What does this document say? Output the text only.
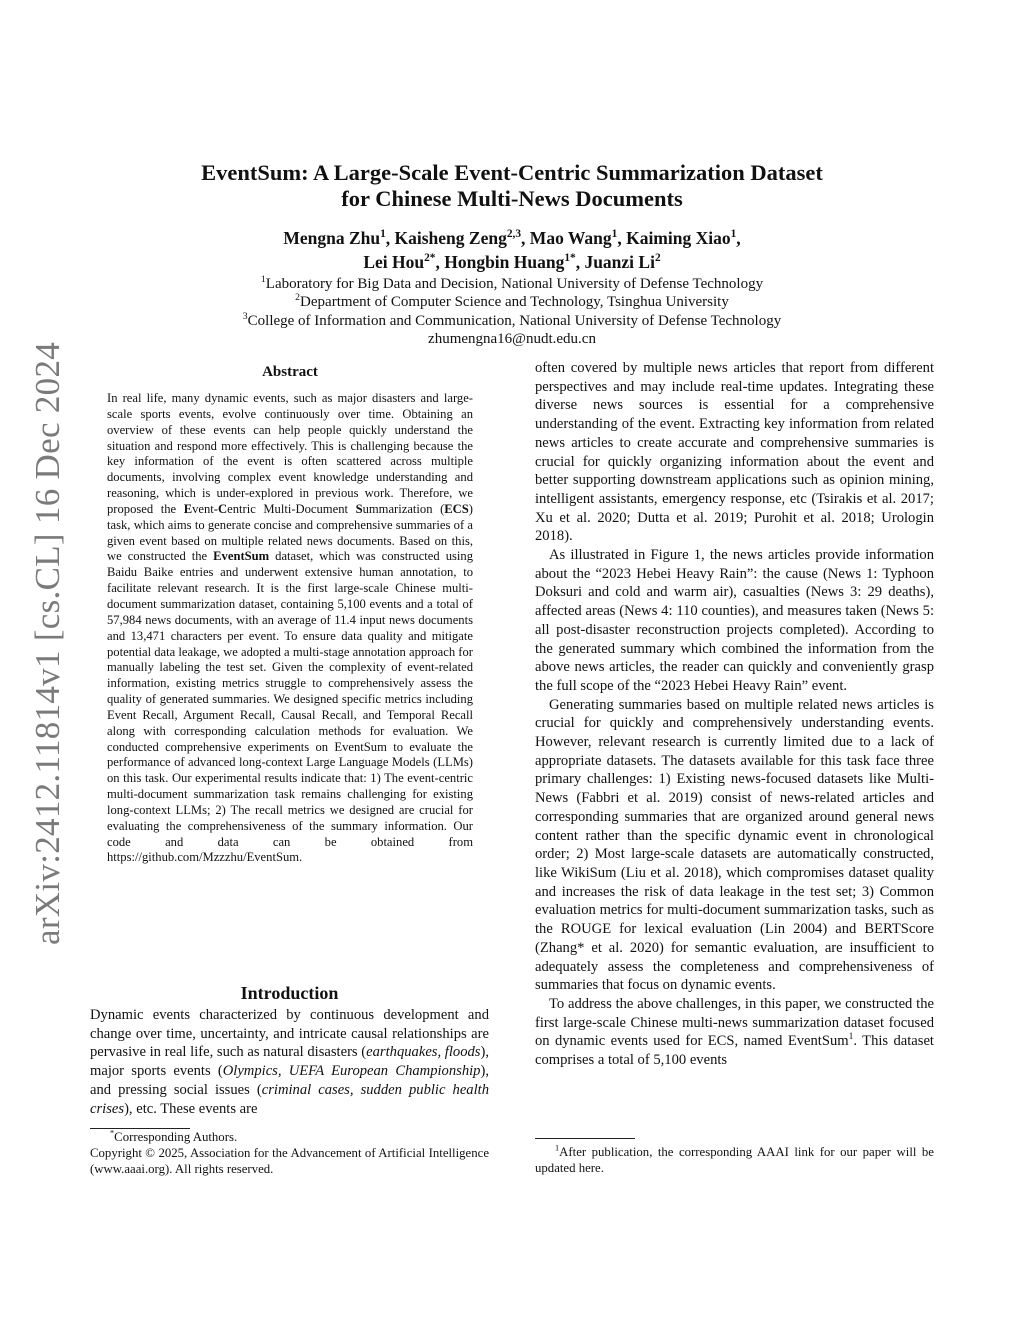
arXiv:2412.11814v1 [cs.CL] 16 Dec 2024
EventSum: A Large-Scale Event-Centric Summarization Dataset
for Chinese Multi-News Documents
Mengna Zhu$^1$, Kaisheng Zeng$^{2,3}$, Mao Wang$^1$, Kaiming Xiao$^1$,
Lei Hou$^{2*}$, Hongbin Huang$^{1*}$, Juanzi Li$^2$
$^1$Laboratory for Big Data and Decision, National University of Defense Technology
$^2$Department of Computer Science and Technology, Tsinghua University
$^3$College of Information and Communication, National University of Defense Technology
zhumengna16@nudt.edu.cn
Abstract
In real life, many dynamic events, such as major disasters and large-scale sports events, evolve continuously over time. Obtaining an overview of these events can help people quickly understand the situation and respond more effectively. This is challenging because the key information of the event is often scattered across multiple documents, involving complex event knowledge understanding and reasoning, which is under-explored in previous work. Therefore, we proposed the Event-Centric Multi-Document Summarization (ECS) task, which aims to generate concise and comprehensive summaries of a given event based on multiple related news documents. Based on this, we constructed the EventSum dataset, which was constructed using Baidu Baike entries and underwent extensive human annotation, to facilitate relevant research. It is the first large-scale Chinese multi-document summarization dataset, containing 5,100 events and a total of 57,984 news documents, with an average of 11.4 input news documents and 13,471 characters per event. To ensure data quality and mitigate potential data leakage, we adopted a multi-stage annotation approach for manually labeling the test set. Given the complexity of event-related information, existing metrics struggle to comprehensively assess the quality of generated summaries. We designed specific metrics including Event Recall, Argument Recall, Causal Recall, and Temporal Recall along with corresponding calculation methods for evaluation. We conducted comprehensive experiments on EventSum to evaluate the performance of advanced long-context Large Language Models (LLMs) on this task. Our experimental results indicate that: 1) The event-centric multi-document summarization task remains challenging for existing long-context LLMs; 2) The recall metrics we designed are crucial for evaluating the comprehensiveness of the summary information. Our code and data can be obtained from https://github.com/Mzzzhu/EventSum.
Introduction

Dynamic events characterized by continuous development and change over time, uncertainty, and intricate causal relationships are pervasive in real life, such as natural disasters (earthquakes, floods), major sports events (Olympics, UEFA European Championship), and pressing social issues (criminal cases, sudden public health crises), etc. These events are

often covered by multiple news articles that report from different perspectives and may include real-time updates. Integrating these diverse news sources is essential for a comprehensive understanding of the event. Extracting key information from related news articles to create accurate and comprehensive summaries is crucial for quickly organizing information about the event and better supporting downstream applications such as opinion mining, intelligent assistants, emergency response, etc (Tsirakis et al. 2017; Xu et al. 2020; Dutta et al. 2019; Purohit et al. 2018; Urologin 2018).

As illustrated in Figure 1, the news articles provide information about the “2023 Hebei Heavy Rain”: the cause (News 1: Typhoon Doksuri and cold and warm air), casualties (News 3: 29 deaths), affected areas (News 4: 110 counties), and measures taken (News 5: all post-disaster reconstruction projects completed). According to the generated summary which combined the information from the above news articles, the reader can quickly and conveniently grasp the full scope of the “2023 Hebei Heavy Rain” event.

Generating summaries based on multiple related news articles is crucial for quickly and comprehensively understanding events. However, relevant research is currently limited due to a lack of appropriate datasets. The datasets available for this task face three primary challenges: 1) Existing news-focused datasets like Multi-News (Fabbri et al. 2019) consist of news-related articles and corresponding summaries that are organized around general news content rather than the specific dynamic event in chronological order; 2) Most large-scale datasets are automatically constructed, like WikiSum (Liu et al. 2018), which compromises dataset quality and increases the risk of data leakage in the test set; 3) Common evaluation metrics for multi-document summarization tasks, such as the ROUGE for lexical evaluation (Lin 2004) and BERTScore (Zhang* et al. 2020) for semantic evaluation, are insufficient to adequately assess the completeness and comprehensiveness of summaries that focus on dynamic events.

To address the above challenges, in this paper, we constructed the first large-scale Chinese multi-news summarization dataset focused on dynamic events used for ECS, named EventSum$^1$. This dataset comprises a total of 5,100 events

*Corresponding Authors.
Copyright © 2025, Association for the Advancement of Artificial Intelligence (www.aaai.org). All rights reserved.
$^1$After publication, the corresponding AAAI link for our paper will be updated here.
